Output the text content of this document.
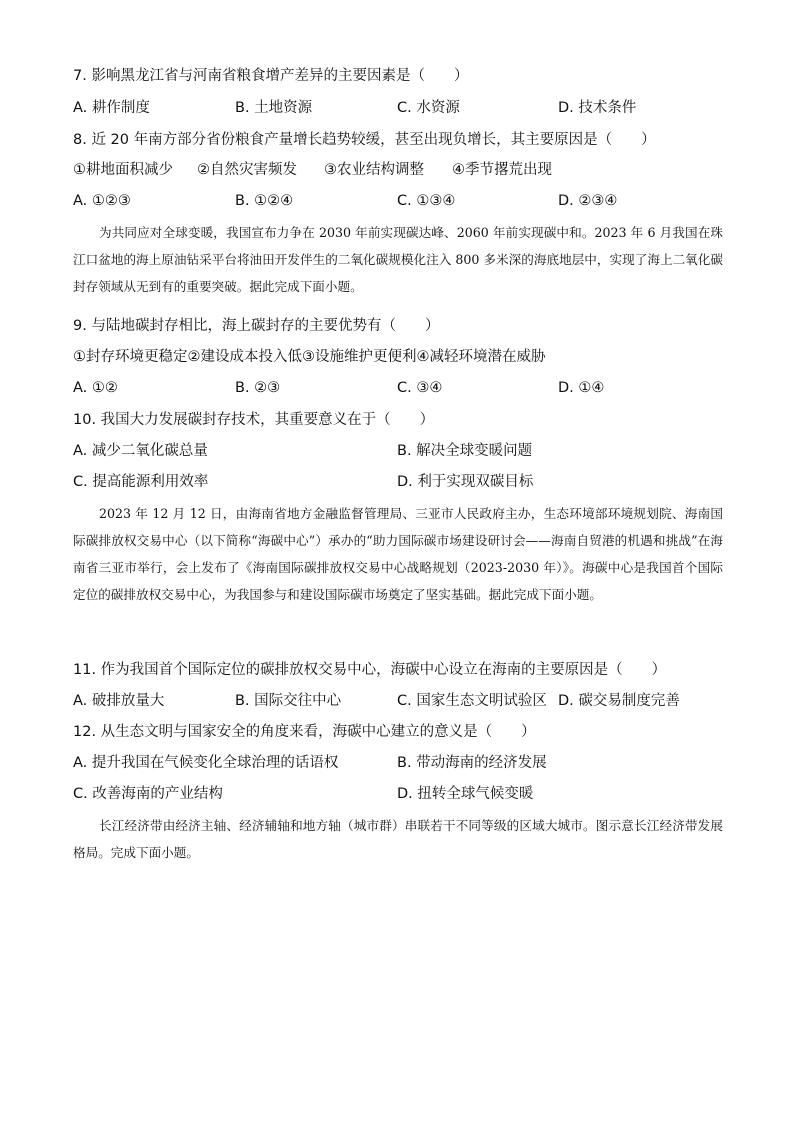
7. 影响黑龙江省与河南省粮食增产差异的主要因素是（　　）
A. 耕作制度	B. 土地资源	C. 水资源	D. 技术条件
8. 近 20 年南方部分省份粮食产量增长趋势较缓，甚至出现负增长，其主要原因是（　　）
①耕地面积减少 ②自然灾害频发 ③农业结构调整 ④季节撂荒出现
A. ①②③	B. ①②④	C. ①③④	D. ②③④

为共同应对全球变暖，我国宣布力争在 2030 年前实现碳达峰、2060 年前实现碳中和。2023 年 6 月我国在珠江口盆地的海上原油钻采平台将油田开发伴生的二氧化碳规模化注入 800 多米深的海底地层中，实现了海上二氧化碳封存领域从无到有的重要突破。据此完成下面小题。

9. 与陆地碳封存相比，海上碳封存的主要优势有（　　）
①封存环境更稳定②建设成本投入低③设施维护更便利④减轻环境潜在威胁
A. ①②	B. ②③	C. ③④	D. ①④
10. 我国大力发展碳封存技术，其重要意义在于（　　）
A. 减少二氧化碳总量	B. 解决全球变暖问题
C. 提高能源利用效率	D. 利于实现双碳目标

2023 年 12 月 12 日，由海南省地方金融监督管理局、三亚市人民政府主办，生态环境部环境规划院、海南国际碳排放权交易中心（以下简称“海碳中心”）承办的“助力国际碳市场建设研讨会——海南自贸港的机遇和挑战”在海南省三亚市举行，会上发布了《海南国际碳排放权交易中心战略规划（2023-2030 年）》。海碳中心是我国首个国际定位的碳排放权交易中心，为我国参与和建设国际碳市场奠定了坚实基础。据此完成下面小题。

11. 作为我国首个国际定位的碳排放权交易中心，海碳中心设立在海南的主要原因是（　　）
A. 破排放量大	B. 国际交往中心	C. 国家生态文明试验区 D. 碳交易制度完善
12. 从生态文明与国家安全的角度来看，海碳中心建立的意义是（　　）
A. 提升我国在气候变化全球治理的话语权	B. 带动海南的经济发展
C. 改善海南的产业结构	D. 扭转全球气候变暖

长江经济带由经济主轴、经济辅轴和地方轴（城市群）串联若干不同等级的区域大城市。图示意长江经济带发展格局。完成下面小题。
